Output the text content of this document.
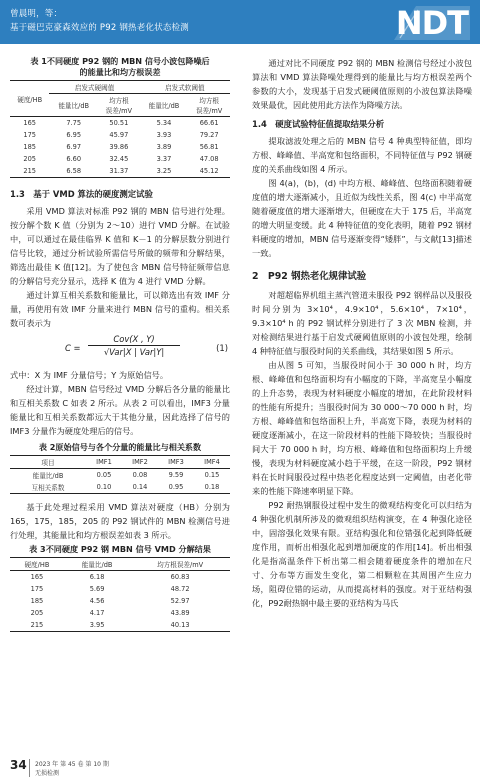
曾晨明，等：
基于磁巴克豪森效应的 P92 钢热老化状态检测	NDT
表 1不同硬度 P92 钢的 MBN 信号小波包降噪后
的能量比和均方根误差
硬度/HB	启发式硬阈值		启发式软阈值	
	能量比/dB	均方根
误差/mV	能量比/dB	均方根
误差/mV
165	7.75	50.51	5.34	66.61
175	6.95	45.97	3.93	79.27
185	6.97	39.86	3.89	56.81
205	6.60	32.45	3.37	47.08
215	6.58	31.37	3.25	45.12
1.3　基于 VMD 算法的硬度测定试验

采用 VMD 算法对标准 P92 钢的 MBN 信号进行处理。按分解个数 K 值（分别为 2～10）进行 VMD 分解。在试验中，可以通过在最佳临界 K 值和 K－1 的分解层数分别进行信号比较，通过分析试验所需信号所做的频带和分解结果，筛选出最佳 K 值[12]。为了使包含 MBN 信号特征频带信息的分解信号充分显示，选择 K 值为 4 进行 VMD 分解。

通过计算互相关系数和能量比，可以筛选出有效 IMF 分量，再使用有效 IMF 分量来进行 MBN 信号的重构。相关系数可表示为

C =
Cov(X , Y)
√Var|X | Var|Y|	(1)

式中：X 为 IMF 分量信号；Y 为原始信号。

经过计算，MBN 信号经过 VMD 分解后各分量的能量比和互相关系数 C 如表 2 所示。从表 2 可以看出，IMF3 分量能量比和互相关系数都远大于其他分量，因此选择了信号的 IMF3 分量作为硬度处理后的信号。

表 2原始信号与各个分量的能量比与相关系数
项目	IMF1	IMF2	IMF3	IMF4
能量比/dB	0.05	0.08	9.59	0.15
互相关系数	0.10	0.14	0.95	0.18

基于此处理过程采用 VMD 算法对硬度（HB）分别为 165，175，185，205 的 P92 钢试件的 MBN 检测信号进行处理，其能量比和均方根误差如表 3 所示。

表 3不同硬度 P92 钢 MBN 信号 VMD 分解结果
硬度/HB	能量比/dB	均方根误差/mV
165	6.18	60.83
175	5.69	48.72
185	4.56	52.97
205	4.17	43.89
215	3.95	40.13

通过对比不同硬度 P92 钢的 MBN 检测信号经过小波包算法和 VMD 算法降噪处理得到的能量比与均方根误差两个参数的大小，发现基于启发式硬阈值原则的小波包算法降噪效果最优，因此使用此方法作为降噪方法。

1.4　硬度试验特征值提取结果分析

提取滤波处理之后的 MBN 信号 4 种典型特征值，即均方根、峰峰值、半高宽和包络面积，不同特征值与 P92 钢硬度的关系曲线如图 4 所示。

图 4(a)，(b)，(d) 中均方根、峰峰值、包络面积随着硬度值的增大逐渐减小，且近似为线性关系，图 4(c) 中半高宽随着硬度值的增大逐渐增大，但硬度在大于 175 后，半高宽的增大明显变缓。此 4 种特征值的变化表明，随着 P92 钢材料硬度的增加，MBN 信号逐渐变得“矮胖”，与文献[13]描述一致。

2　P92 钢热老化规律试验

对超超临界机组主蒸汽管道未服役 P92 钢样品以及服役时间分别为 3×10⁴，4.9×10⁴，5.6×10⁴，7×10⁴，9.3×10⁴ h 的 P92 钢试样分别进行了 3 次 MBN 检测，并对检测结果进行基于启发式硬阈值原则的小波包处理，绘制 4 种特征值与服役时间的关系曲线，其结果如图 5 所示。

由从图 5 可知，当服役时间小于 30 000 h 时，均方根、峰峰值和包络面积均有小幅度的下降，半高宽呈小幅度的上升态势，表现为材料硬度小幅度的增加，在此阶段材料的性能有所提升；当服役时间为 30 000～70 000 h 时，均方根、峰峰值和包络面积上升，半高宽下降，表现为材料的硬度逐渐减小，在这一阶段材料的性能下降较快；当服役时间大于 70 000 h 时，均方根、峰峰值和包络面积均上升缓慢，表现为材料硬度减小趋于平缓，在这一阶段，P92 钢材料在长时间服役过程中热老化程度达到一定阈值，由老化带来的性能下降速率明显下降。

P92 耐热钢服役过程中发生的微观结构变化可以归结为 4 种强化机制所涉及的微观组织结构演变，在 4 种强化途径中，固溶强化效果有限。亚结构强化和位错强化起到降低硬度作用，而析出相强化起到增加硬度的作用[14]。析出相强化是指高温条件下析出第二相会随着硬度条件的增加在尺寸、分布等方面发生变化，第二相颗粒在其周围产生应力场，阻碍位错的运动，从而提高材料的强度。对于亚结构强化，P92耐热钢中最主要的亚结构为马氏

34 2023 年 第 45 卷 第 10 期
无损检测
